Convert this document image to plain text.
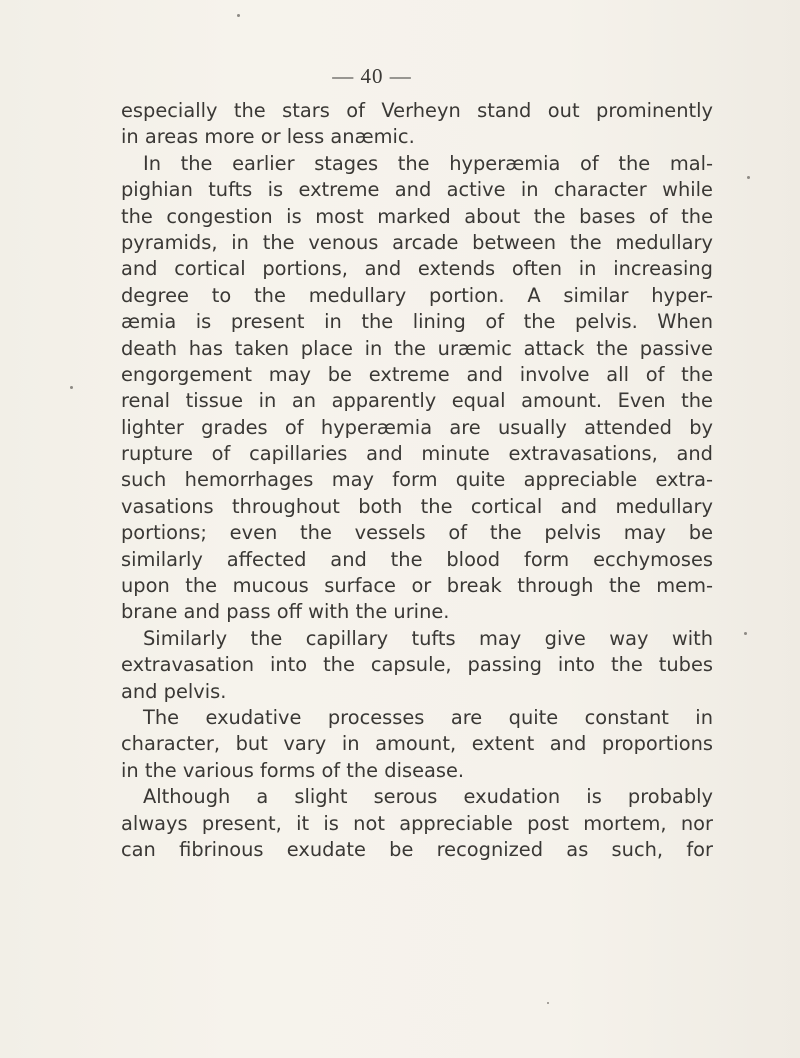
— 40 —
especially the stars of Verheyn stand out prominently
in areas more or less anæmic.
In the earlier stages the hyperæmia of the mal-
pighian tufts is extreme and active in character while
the congestion is most marked about the bases of the
pyramids, in the venous arcade between the medullary
and cortical portions, and extends often in increasing
degree to the medullary portion. A similar hyper-
æmia is present in the lining of the pelvis. When
death has taken place in the uræmic attack the passive
engorgement may be extreme and involve all of the
renal tissue in an apparently equal amount. Even the
lighter grades of hyperæmia are usually attended by
rupture of capillaries and minute extravasations, and
such hemorrhages may form quite appreciable extra-
vasations throughout both the cortical and medullary
portions; even the vessels of the pelvis may be
similarly affected and the blood form ecchymoses
upon the mucous surface or break through the mem-
brane and pass off with the urine.
Similarly the capillary tufts may give way with
extravasation into the capsule, passing into the tubes
and pelvis.
The exudative processes are quite constant in
character, but vary in amount, extent and proportions
in the various forms of the disease.
Although a slight serous exudation is probably
always present, it is not appreciable post mortem, nor
can fibrinous exudate be recognized as such, for
